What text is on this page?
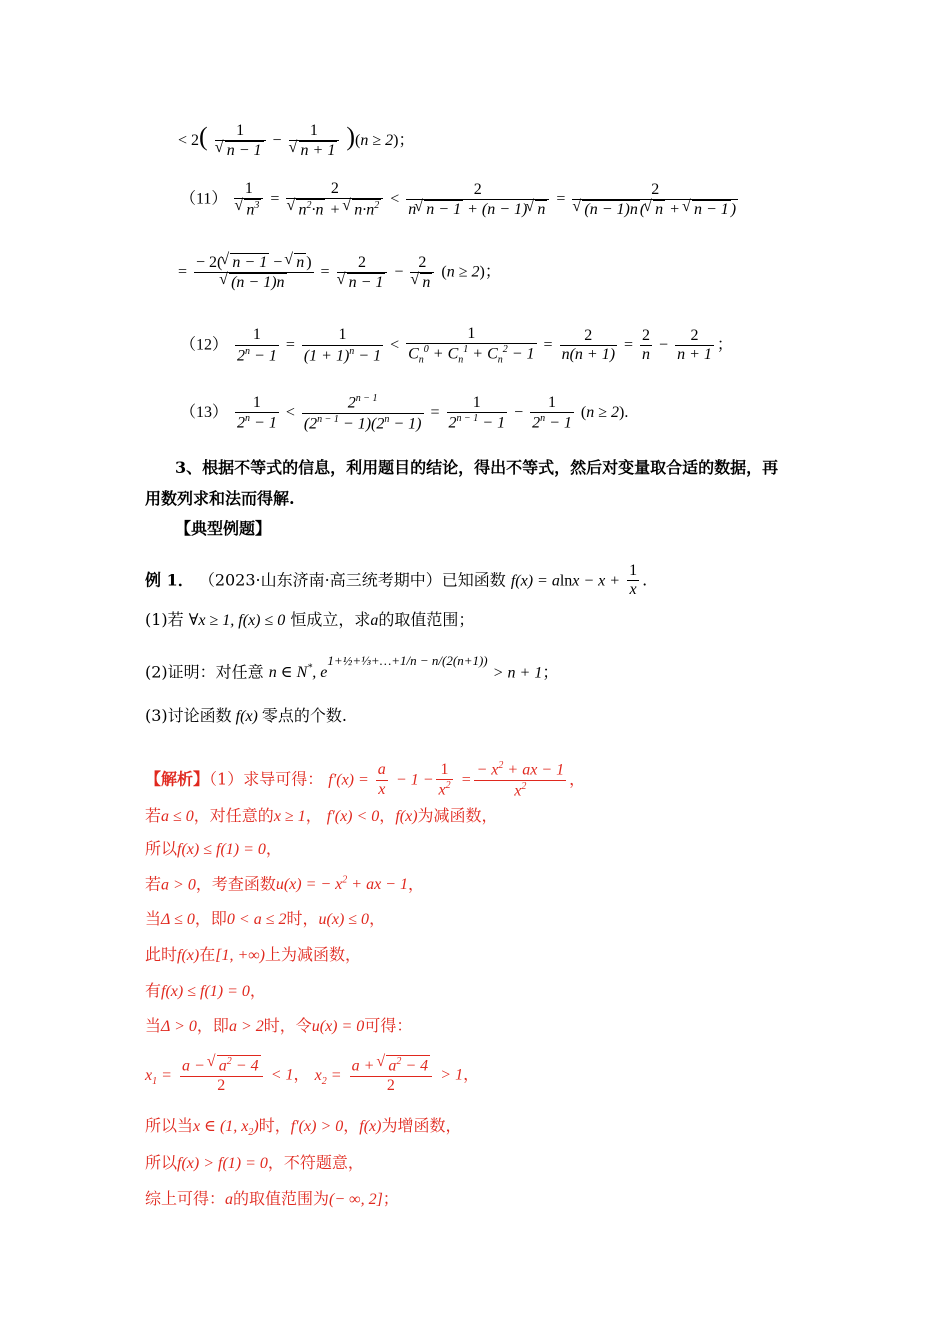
< 2( 1
√ n − 1 − 1
√ n + 1 )(n ≥ 2)；
（11） 1
√ $n^3 = 2$
√ $n^2\cdot n$ + √ $n\cdot n^2 < \frac{2}{n √ n - 1 + (n - 1) √ n} = 2$
√ (n − 1)n ( √ n + √ n − 1 )
= − 2( √ n − 1 − √ n )
√ (n − 1)n = 2
√ n − 1 − 2
√ n (n ≥ 2)；
$(12) \frac{1}{2^n - 1} = \frac{1}{(1 + 1)^n - 1} < \frac{1}{C_n^0 + C_n^1 + C_n^2 - 1} = \frac{2}{n(n + 1)} = \frac{2}{n} - \frac{2}{n + 1}$ ；
$(13) \frac{1}{2^n - 1} < \frac{2^{n - 1}}{(2^{n - 1} - 1)(2^n - 1)} = \frac{1}{2^{n - 1} - 1} - \frac{1}{2^n - 1} (n \ge 2)$.
3、根据不等式的信息，利用题目的结论，得出不等式，然后对变量取合适的数据，再
用数列求和法而得解.
【典型例题】
例 1． （2023·山东济南·高三统考期中）已知函数 $f(x) = alnx - x + \frac{1}{x}$ .
(1)若 ∀x ≥ 1, f(x) ≤ 0 恒成立，求a的取值范围；
(2)证明：对任意 n ∈ N*, $e^{1+\frac{1}{2}+\frac{1}{3}+\dots+1/n - n/(2(n+1))} > n + 1$；
(3)讨论函数 f(x) 零点的个数.
【解析】（1）求导可得： $f'(x) = \frac{a}{x} - 1 - \frac{1}{x^2} = \frac{- x^2 + ax - 1}{x^2}$ ，
若a ≤ 0，对任意的x ≥ 1， f′(x) < 0，f(x)为减函数，
所以f(x) ≤ f(1) = 0，
若a > 0，考查函数u(x) = − $x^2$ + ax − 1，
当Δ ≤ 0，即0 < a ≤ 2时，u(x) ≤ 0，
此时f(x)在[1, +∞)上为减函数，
有f(x) ≤ f(1) = 0，
当Δ > 0，即a > 2时，令u(x) = 0可得：
$x_1 = \frac{a - √ a^2 - 4}{2} < 1$， $x_2 = \frac{a + √ a^2 - 4}{2} > 1$，
所以当x ∈ (1, $x_2$)时，f′(x) > 0，f(x)为增函数，
所以f(x) > f(1) = 0，不符题意，
综上可得：a的取值范围为(− ∞, 2]；
